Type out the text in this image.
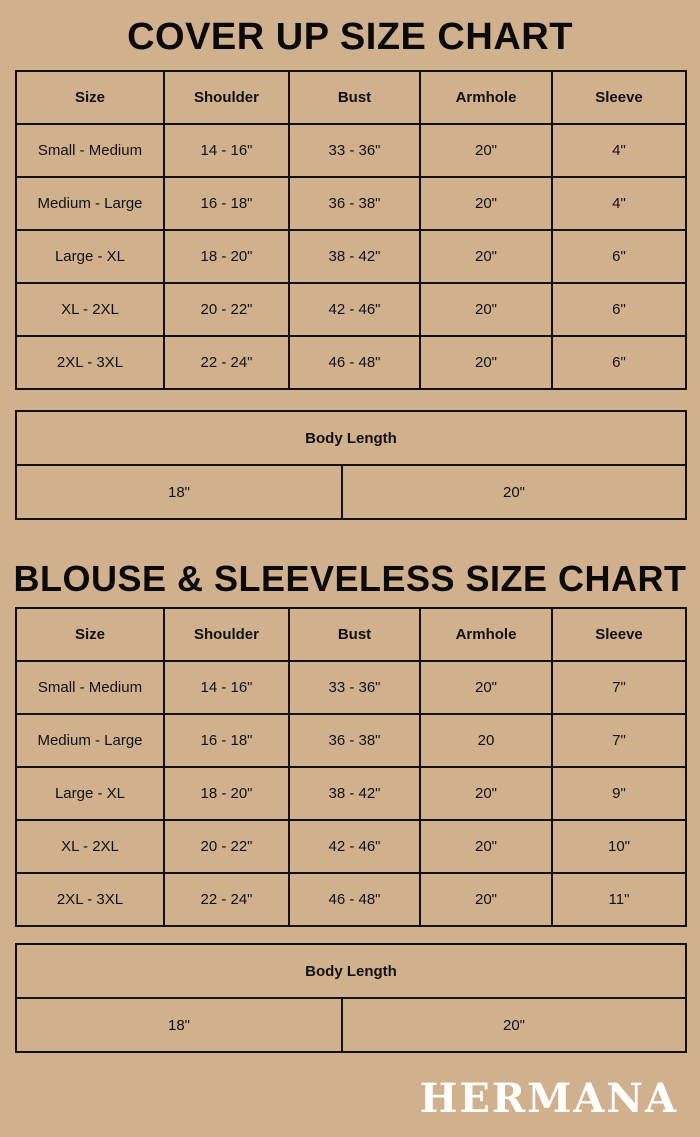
COVER UP SIZE CHART
Size	Shoulder	Bust	Armhole	Sleeve
Small - Medium	14 - 16"	33 - 36"	20"	4"
Medium - Large	16 - 18"	36 - 38"	20"	4"
Large - XL	18 - 20"	38 - 42"	20"	6"
XL - 2XL	20 - 22"	42 - 46"	20"	6"
2XL - 3XL	22 - 24"	46 - 48"	20"	6"
Body Length
18"	20"
BLOUSE & SLEEVELESS SIZE CHART
Size	Shoulder	Bust	Armhole	Sleeve
Small - Medium	14 - 16"	33 - 36"	20"	7"
Medium - Large	16 - 18"	36 - 38"	20	7"
Large - XL	18 - 20"	38 - 42"	20"	9"
XL - 2XL	20 - 22"	42 - 46"	20"	10"
2XL - 3XL	22 - 24"	46 - 48"	20"	11"
Body Length
18"	20"
HERMANA
